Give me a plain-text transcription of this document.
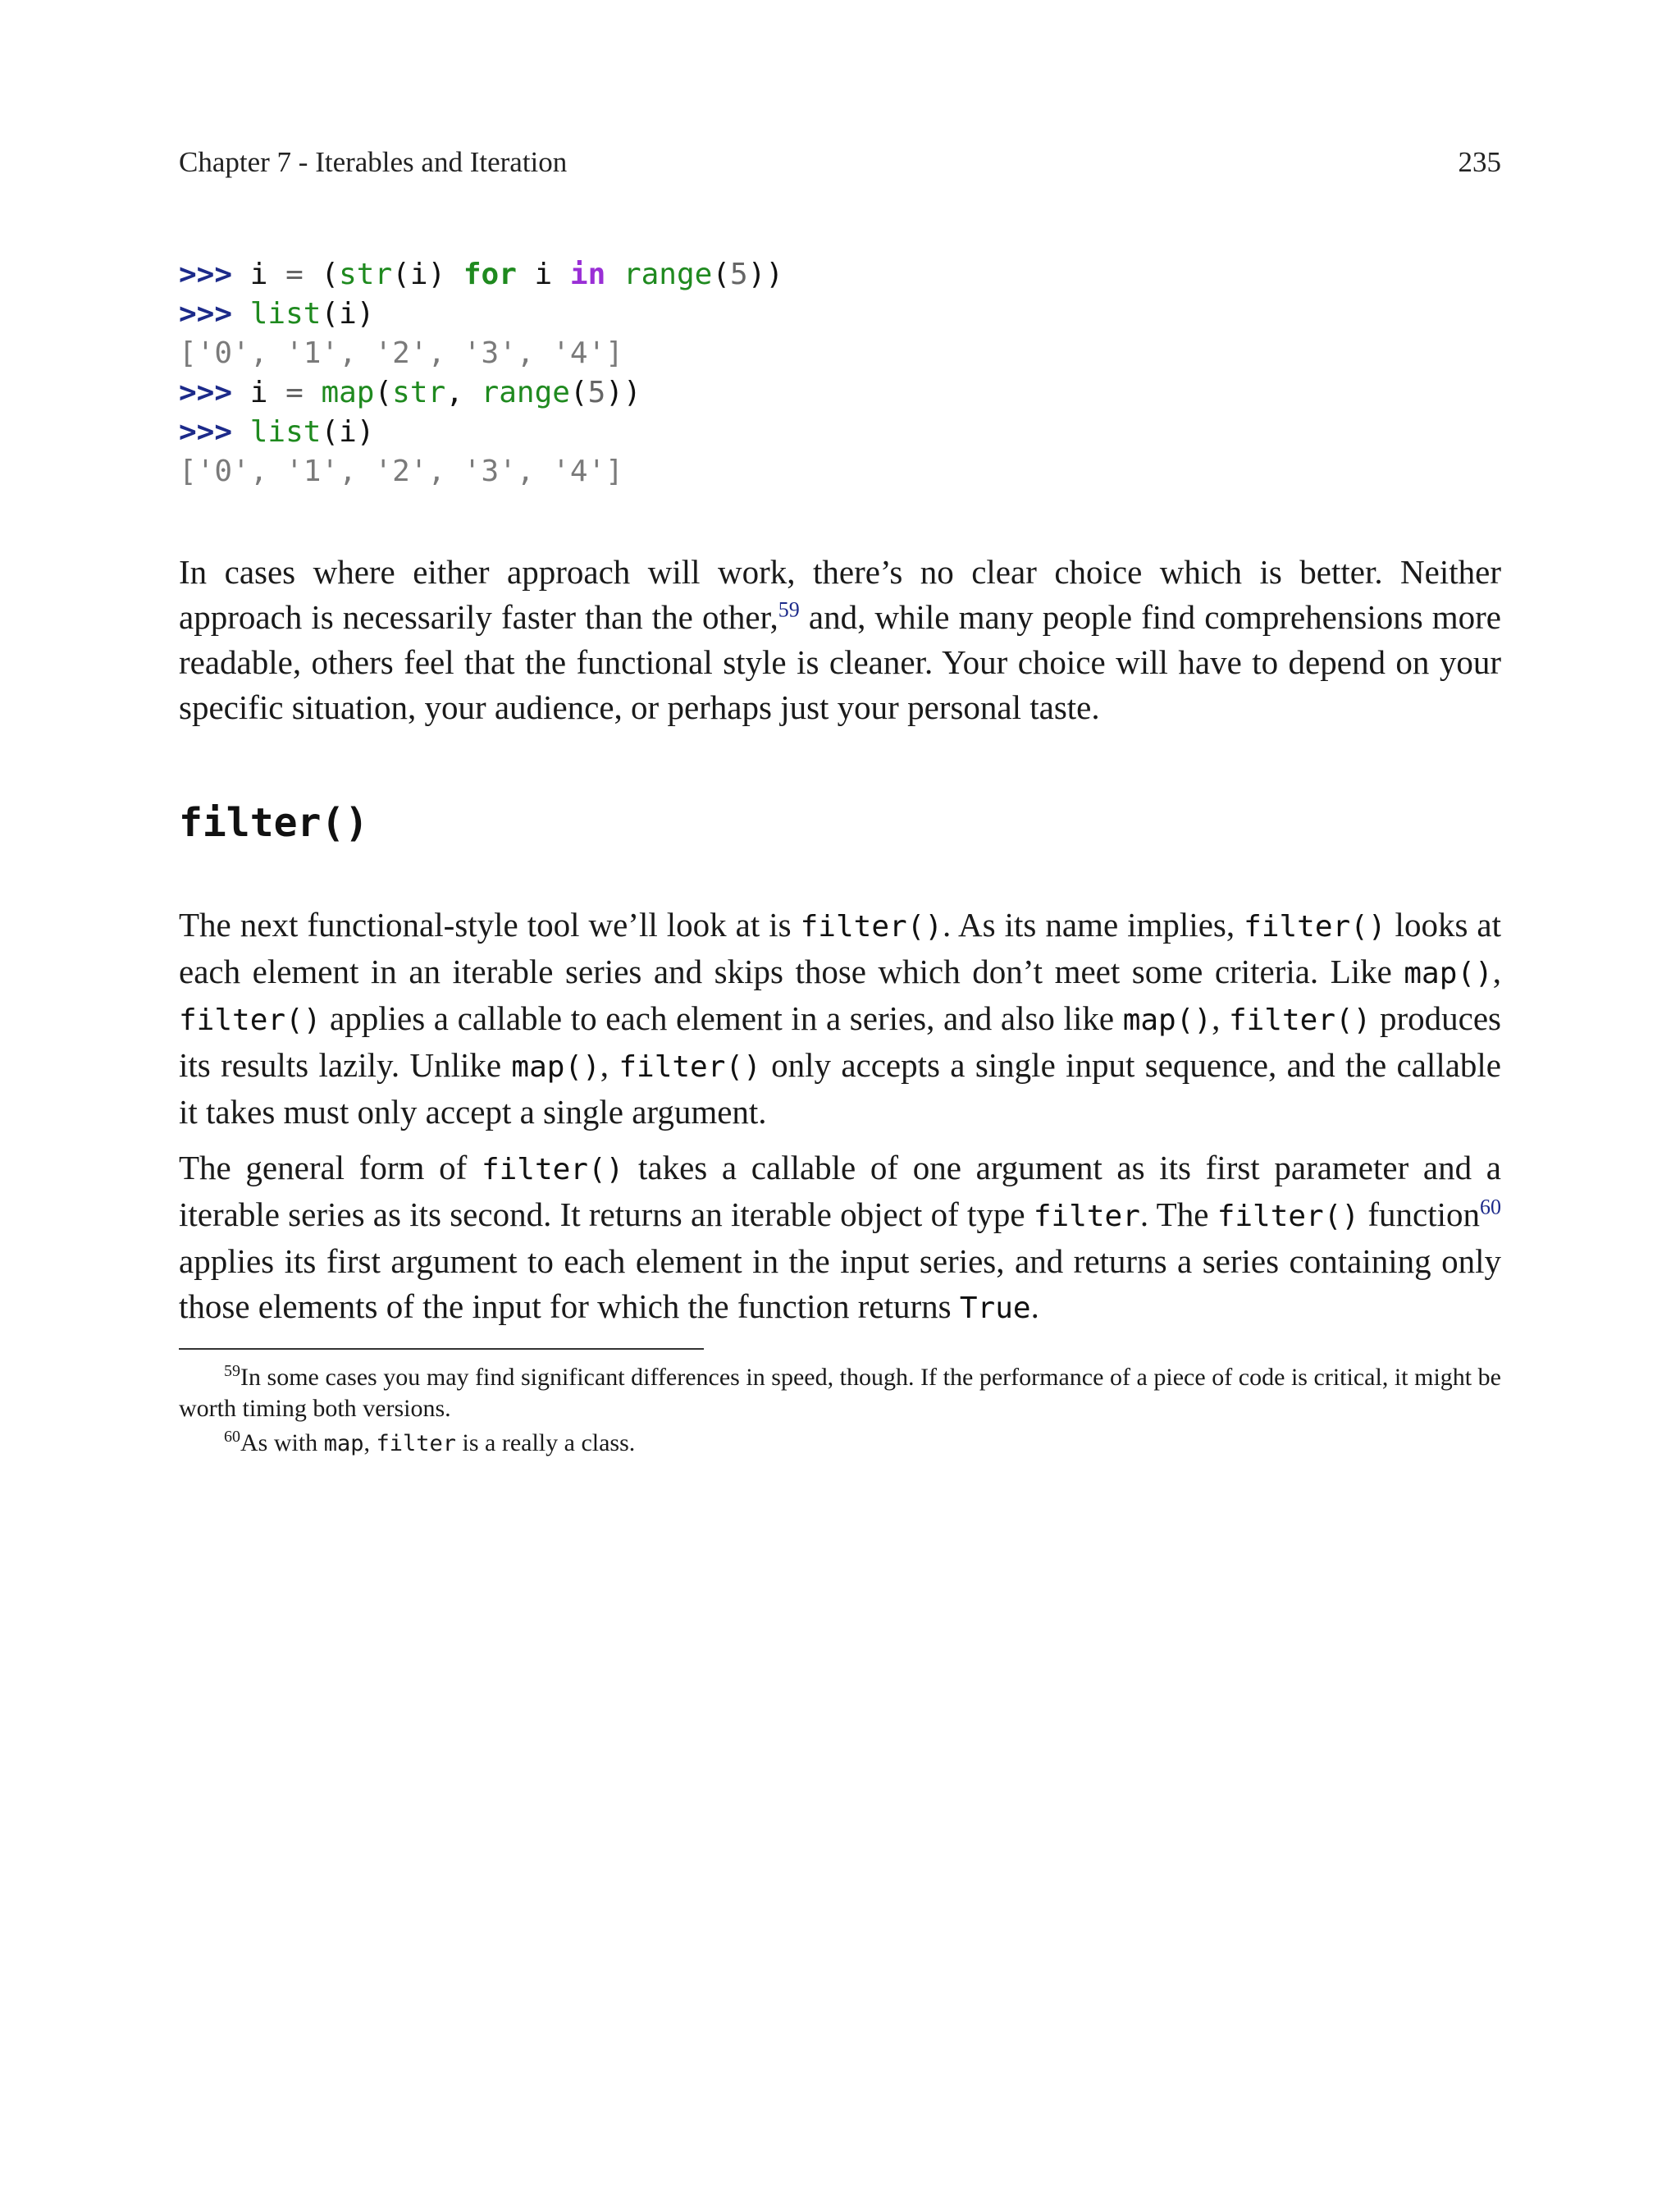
Chapter 7 - Iterables and Iteration	235
>>> i = (str(i) for i in range(5))
>>> list(i)
['0', '1', '2', '3', '4']
>>> i = map(str, range(5))
>>> list(i)
['0', '1', '2', '3', '4']

In cases where either approach will work, there’s no clear choice which is better. Neither approach is necessarily faster than the other,$^{59}$ and, while many people find comprehensions more readable, others feel that the functional style is cleaner. Your choice will have to depend on your specific situation, your audience, or perhaps just your personal taste.

filter()

The next functional-style tool we’ll look at is filter(). As its name implies, filter() looks at each element in an iterable series and skips those which don’t meet some criteria. Like map(), filter() applies a callable to each element in a series, and also like map(), filter() produces its results lazily. Unlike map(), filter() only accepts a single input sequence, and the callable it takes must only accept a single argument.

The general form of filter() takes a callable of one argument as its first parameter and a iterable series as its second. It returns an iterable object of type filter. The filter() function$^{60}$ applies its first argument to each element in the input series, and returns a series containing only those elements of the input for which the function returns True.

$^{59}$In some cases you may find significant differences in speed, though. If the performance of a piece of code is critical, it might be worth timing both versions.

$^{60}$As with map, filter is a really a class.
